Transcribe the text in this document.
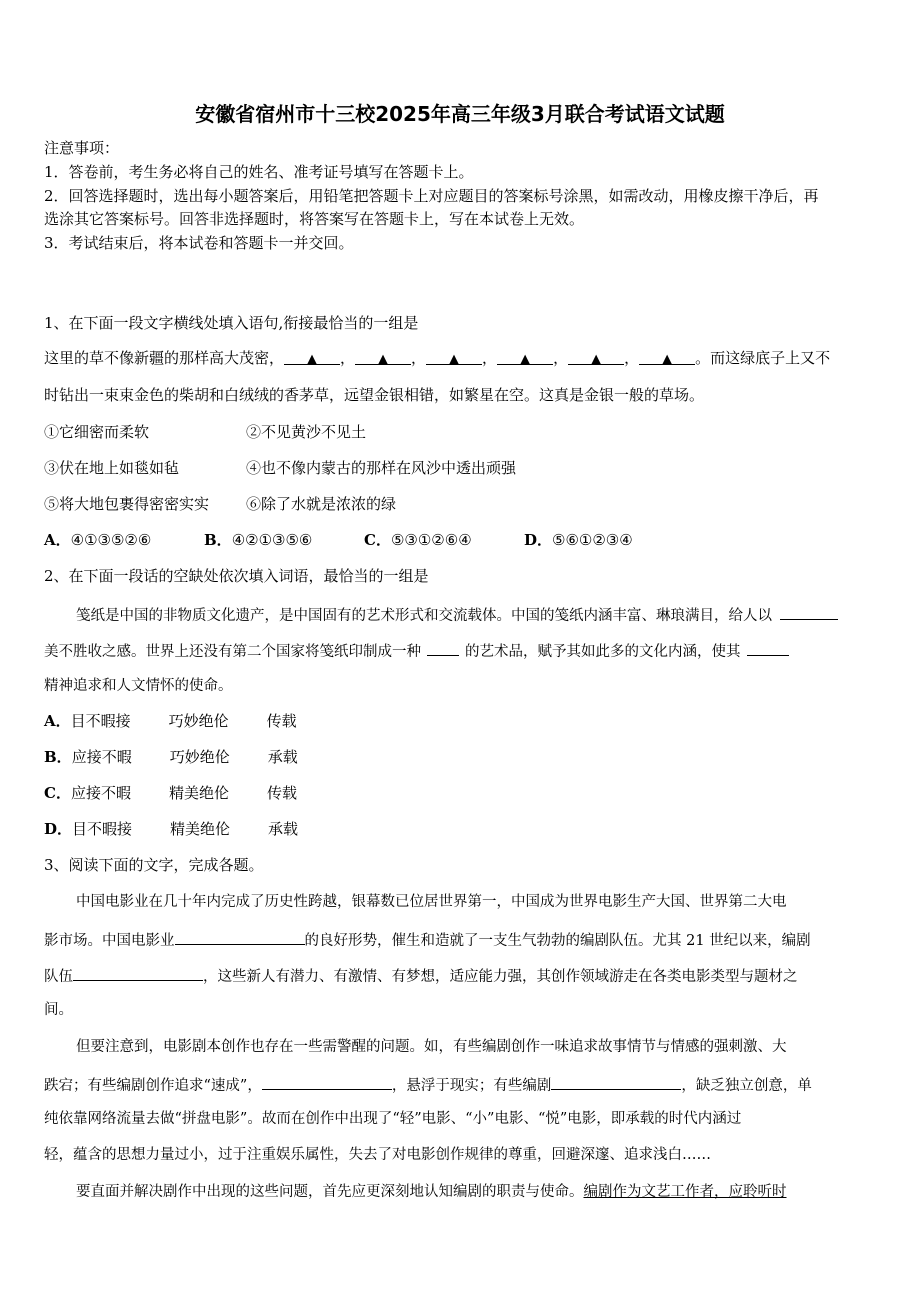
安徽省宿州市十三校2025年高三年级3月联合考试语文试题
注意事项：
1．答卷前，考生务必将自己的姓名、准考证号填写在答题卡上。
2．回答选择题时，选出每小题答案后，用铅笔把答题卡上对应题目的答案标号涂黑，如需改动，用橡皮擦干净后，再
选涂其它答案标号。回答非选择题时，将答案写在答题卡上，写在本试卷上无效。
3．考试结束后，将本试卷和答题卡一并交回。
1、在下面一段文字横线处填入语句,衔接最恰当的一组是
这里的草不像新疆的那样高大茂密， ▲ ， ▲ ， ▲ ， ▲ ， ▲ ， ▲ 。而这绿底子上又不
时钻出一束束金色的柴胡和白绒绒的香茅草，远望金银相错，如繁星在空。这真是金银一般的草场。
①它细密而柔软	②不见黄沙不见土
③伏在地上如毯如毡	④也不像内蒙古的那样在风沙中透出顽强
⑤将大地包裹得密密实实 ⑥除了水就是浓浓的绿
A．④①③⑤②⑥	B．④②①③⑤⑥	C．⑤③①②⑥④	D．⑤⑥①②③④
2、在下面一段话的空缺处依次填入词语，最恰当的一组是
笺纸是中国的非物质文化遗产，是中国固有的艺术形式和交流载体。中国的笺纸内涵丰富、琳琅满目，给人以
美不胜收之感。世界上还没有第二个国家将笺纸印制成一种	的艺术品，赋予其如此多的文化内涵，使其
精神追求和人文情怀的使命。
A．目不暇接	巧妙绝伦	传载
B．应接不暇	巧妙绝伦	承载
C．应接不暇	精美绝伦	传载
D．目不暇接	精美绝伦	承载
3、阅读下面的文字，完成各题。
中国电影业在几十年内完成了历史性跨越，银幕数已位居世界第一，中国成为世界电影生产大国、世界第二大电
影市场。中国电影业	的良好形势，催生和造就了一支生气勃勃的编剧队伍。尤其 21 世纪以来，编剧
队伍	，这些新人有潜力、有激情、有梦想，适应能力强，其创作领域游走在各类电影类型与题材之
间。
但要注意到，电影剧本创作也存在一些需警醒的问题。如，有些编剧创作一味追求故事情节与情感的强刺激、大
跌宕；有些编剧创作追求“速成”，	，悬浮于现实；有些编剧	，缺乏独立创意，单
纯依靠网络流量去做“拼盘电影”。故而在创作中出现了“轻”电影、“小”电影、“悦”电影，即承载的时代内涵过
轻，蕴含的思想力量过小，过于注重娱乐属性，失去了对电影创作规律的尊重，回避深邃、追求浅白……
要直面并解决剧作中出现的这些问题，首先应更深刻地认知编剧的职责与使命。编剧作为文艺工作者，应聆听时
